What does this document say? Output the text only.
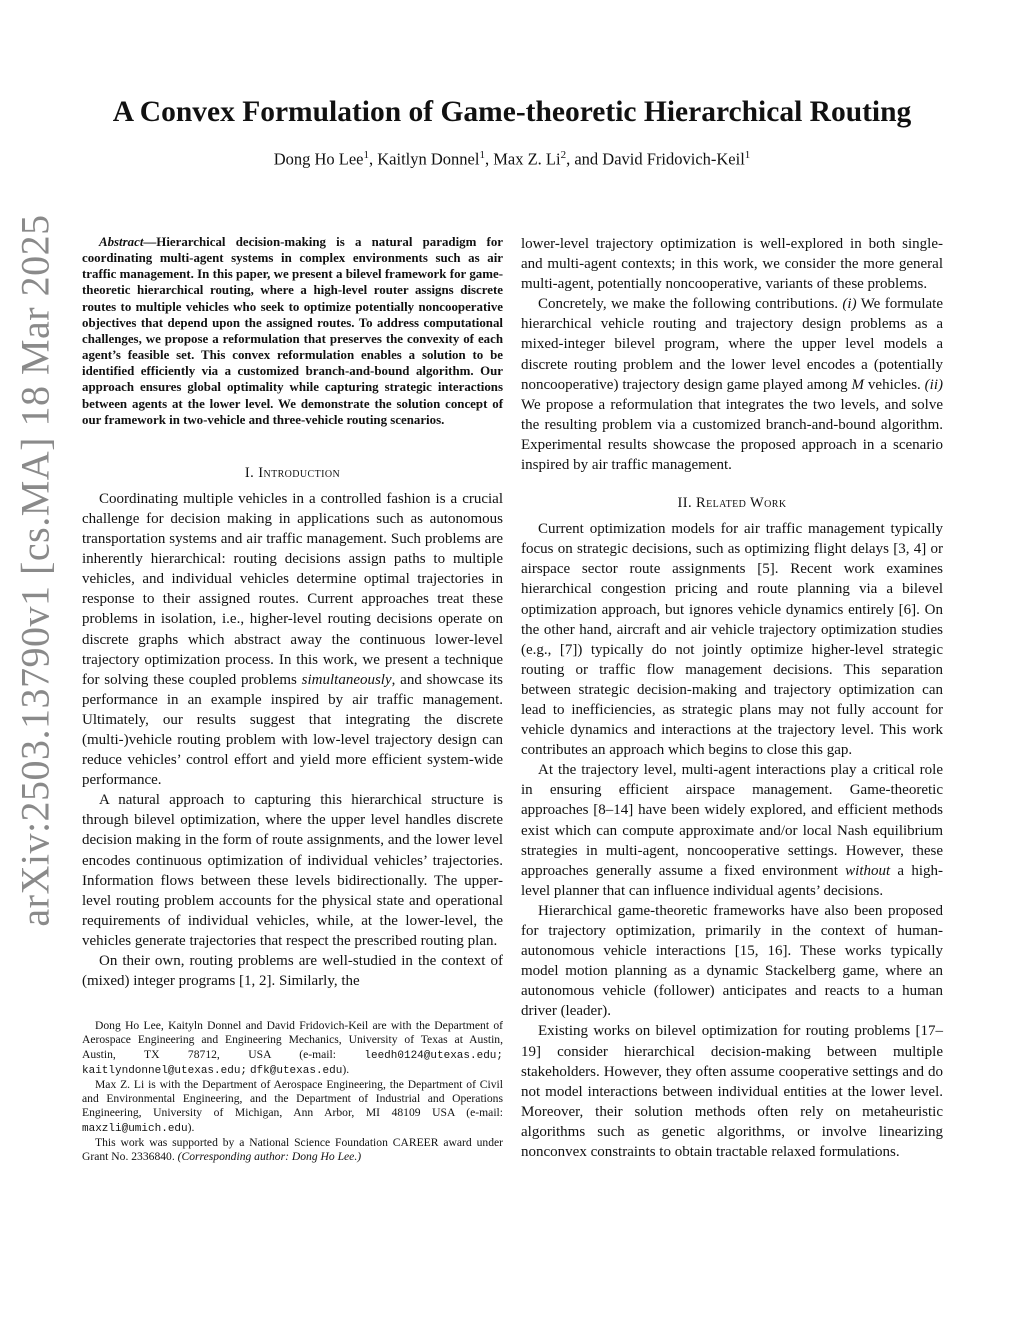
arXiv:2503.13790v1 [cs.MA] 18 Mar 2025
A Convex Formulation of Game-theoretic Hierarchical Routing
Dong Ho Lee$^1$, Kaitlyn Donnel$^1$, Max Z. Li$^2$, and David Fridovich-Keil$^1$

Abstract—Hierarchical decision-making is a natural paradigm for coordinating multi-agent systems in complex environments such as air traffic management. In this paper, we present a bilevel framework for game-theoretic hierarchical routing, where a high-level router assigns discrete routes to multiple vehicles who seek to optimize potentially noncooperative objectives that depend upon the assigned routes. To address computational challenges, we propose a reformulation that preserves the convexity of each agent’s feasible set. This convex reformulation enables a solution to be identified efficiently via a customized branch-and-bound algorithm. Our approach ensures global optimality while capturing strategic interactions between agents at the lower level. We demonstrate the solution concept of our framework in two-vehicle and three-vehicle routing scenarios.

I. Introduction

Coordinating multiple vehicles in a controlled fashion is a crucial challenge for decision making in applications such as autonomous transportation systems and air traffic management. Such problems are inherently hierarchical: routing decisions assign paths to multiple vehicles, and individual vehicles determine optimal trajectories in response to their assigned routes. Current approaches treat these problems in isolation, i.e., higher-level routing decisions operate on discrete graphs which abstract away the continuous lower-level trajectory optimization process. In this work, we present a technique for solving these coupled problems simultaneously, and showcase its performance in an example inspired by air traffic management. Ultimately, our results suggest that integrating the discrete (multi-)vehicle routing problem with low-level trajectory design can reduce vehicles’ control effort and yield more efficient system-wide performance.

A natural approach to capturing this hierarchical structure is through bilevel optimization, where the upper level handles discrete decision making in the form of route assignments, and the lower level encodes continuous optimization of individual vehicles’ trajectories. Information flows between these levels bidirectionally. The upper-level routing problem accounts for the physical state and operational requirements of individual vehicles, while, at the lower-level, the vehicles generate trajectories that respect the prescribed routing plan.

On their own, routing problems are well-studied in the context of (mixed) integer programs [1, 2]. Similarly, the

Dong Ho Lee, Kaityln Donnel and David Fridovich-Keil are with the Department of Aerospace Engineering and Engineering Mechanics, University of Texas at Austin, Austin, TX 78712, USA (e-mail:	leedh0124@utexas.edu; kaitlyndonnel@utexas.edu; dfk@utexas.edu).

Max Z. Li is with the Department of Aerospace Engineering, the Department of Civil and Environmental Engineering, and the Department of Industrial and Operations Engineering, University of Michigan, Ann Arbor, MI 48109 USA (e-mail: maxzli@umich.edu).

This work was supported by a National Science Foundation CAREER award under Grant No. 2336840. (Corresponding author: Dong Ho Lee.)

lower-level trajectory optimization is well-explored in both single- and multi-agent contexts; in this work, we consider the more general multi-agent, potentially noncooperative, variants of these problems.

Concretely, we make the following contributions. (i) We formulate hierarchical vehicle routing and trajectory design problems as a mixed-integer bilevel program, where the upper level models a discrete routing problem and the lower level encodes a (potentially noncooperative) trajectory design game played among M vehicles. (ii) We propose a reformulation that integrates the two levels, and solve the resulting problem via a customized branch-and-bound algorithm. Experimental results showcase the proposed approach in a scenario inspired by air traffic management.

II. Related Work

Current optimization models for air traffic management typically focus on strategic decisions, such as optimizing flight delays [3, 4] or airspace sector route assignments [5]. Recent work examines hierarchical congestion pricing and route planning via a bilevel optimization approach, but ignores vehicle dynamics entirely [6]. On the other hand, aircraft and air vehicle trajectory optimization studies (e.g., [7]) typically do not jointly optimize higher-level strategic routing or traffic flow management decisions. This separation between strategic decision-making and trajectory optimization can lead to inefficiencies, as strategic plans may not fully account for vehicle dynamics and interactions at the trajectory level. This work contributes an approach which begins to close this gap.

At the trajectory level, multi-agent interactions play a critical role in ensuring efficient airspace management. Game-theoretic approaches [8–14] have been widely explored, and efficient methods exist which can compute approximate and/or local Nash equilibrium strategies in multi-agent, noncooperative settings. However, these approaches generally assume a fixed environment without a high-level planner that can influence individual agents’ decisions.

Hierarchical game-theoretic frameworks have also been proposed for trajectory optimization, primarily in the context of human-autonomous vehicle interactions [15, 16]. These works typically model motion planning as a dynamic Stackelberg game, where an autonomous vehicle (follower) anticipates and reacts to a human driver (leader).

Existing works on bilevel optimization for routing problems [17–19] consider hierarchical decision-making between multiple stakeholders. However, they often assume cooperative settings and do not model interactions between individual entities at the lower level. Moreover, their solution methods often rely on metaheuristic algorithms such as genetic algorithms, or involve linearizing nonconvex constraints to obtain tractable relaxed formulations.
